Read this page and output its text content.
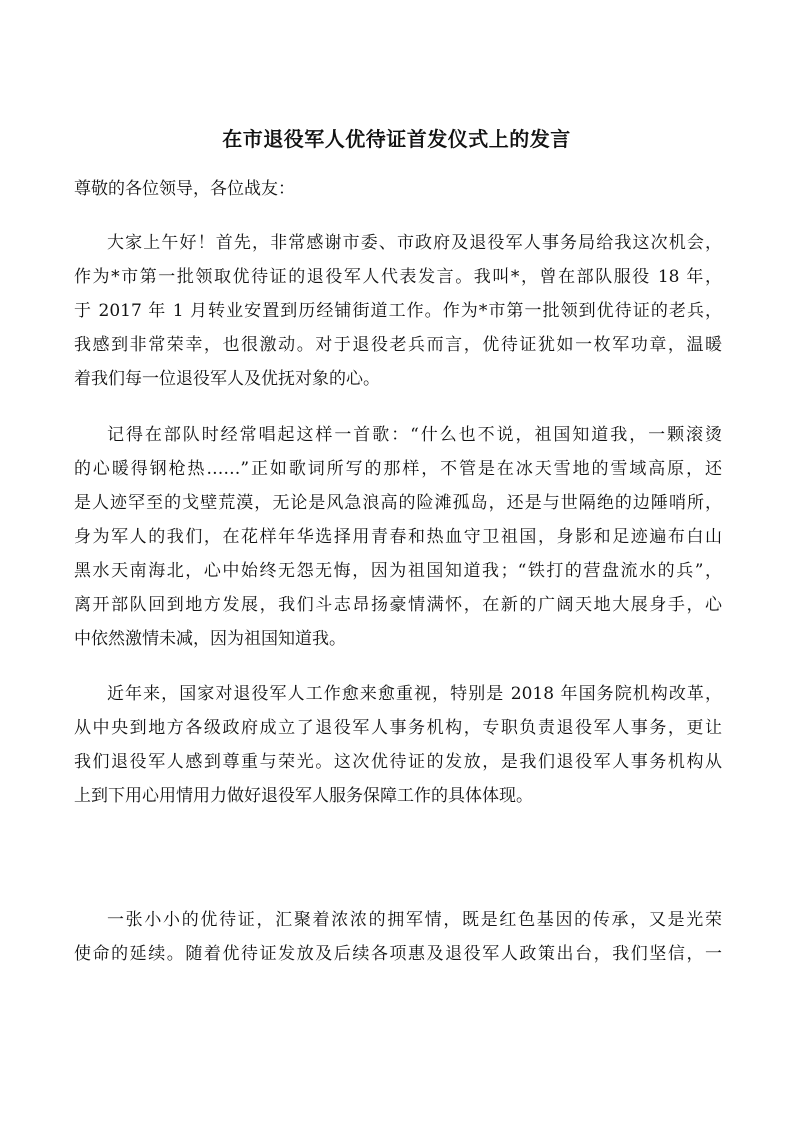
在市退役军人优待证首发仪式上的发言
尊敬的各位领导，各位战友：
大家上午好！首先，非常感谢市委、市政府及退役军人事务局给我这次机会，
作为*市第一批领取优待证的退役军人代表发言。我叫*，曾在部队服役 18 年，
于 2017 年 1 月转业安置到历经铺街道工作。作为*市第一批领到优待证的老兵，
我感到非常荣幸，也很激动。对于退役老兵而言，优待证犹如一枚军功章，温暖
着我们每一位退役军人及优抚对象的心。
记得在部队时经常唱起这样一首歌：“什么也不说，祖国知道我，一颗滚烫
的心暖得钢枪热……”正如歌词所写的那样，不管是在冰天雪地的雪域高原，还
是人迹罕至的戈壁荒漠，无论是风急浪高的险滩孤岛，还是与世隔绝的边陲哨所，
身为军人的我们，在花样年华选择用青春和热血守卫祖国，身影和足迹遍布白山
黑水天南海北，心中始终无怨无悔，因为祖国知道我；“铁打的营盘流水的兵”，
离开部队回到地方发展，我们斗志昂扬豪情满怀，在新的广阔天地大展身手，心
中依然激情未减，因为祖国知道我。
近年来，国家对退役军人工作愈来愈重视，特别是 2018 年国务院机构改革，
从中央到地方各级政府成立了退役军人事务机构，专职负责退役军人事务，更让
我们退役军人感到尊重与荣光。这次优待证的发放，是我们退役军人事务机构从
上到下用心用情用力做好退役军人服务保障工作的具体体现。
一张小小的优待证，汇聚着浓浓的拥军情，既是红色基因的传承，又是光荣
使命的延续。随着优待证发放及后续各项惠及退役军人政策出台，我们坚信，一
